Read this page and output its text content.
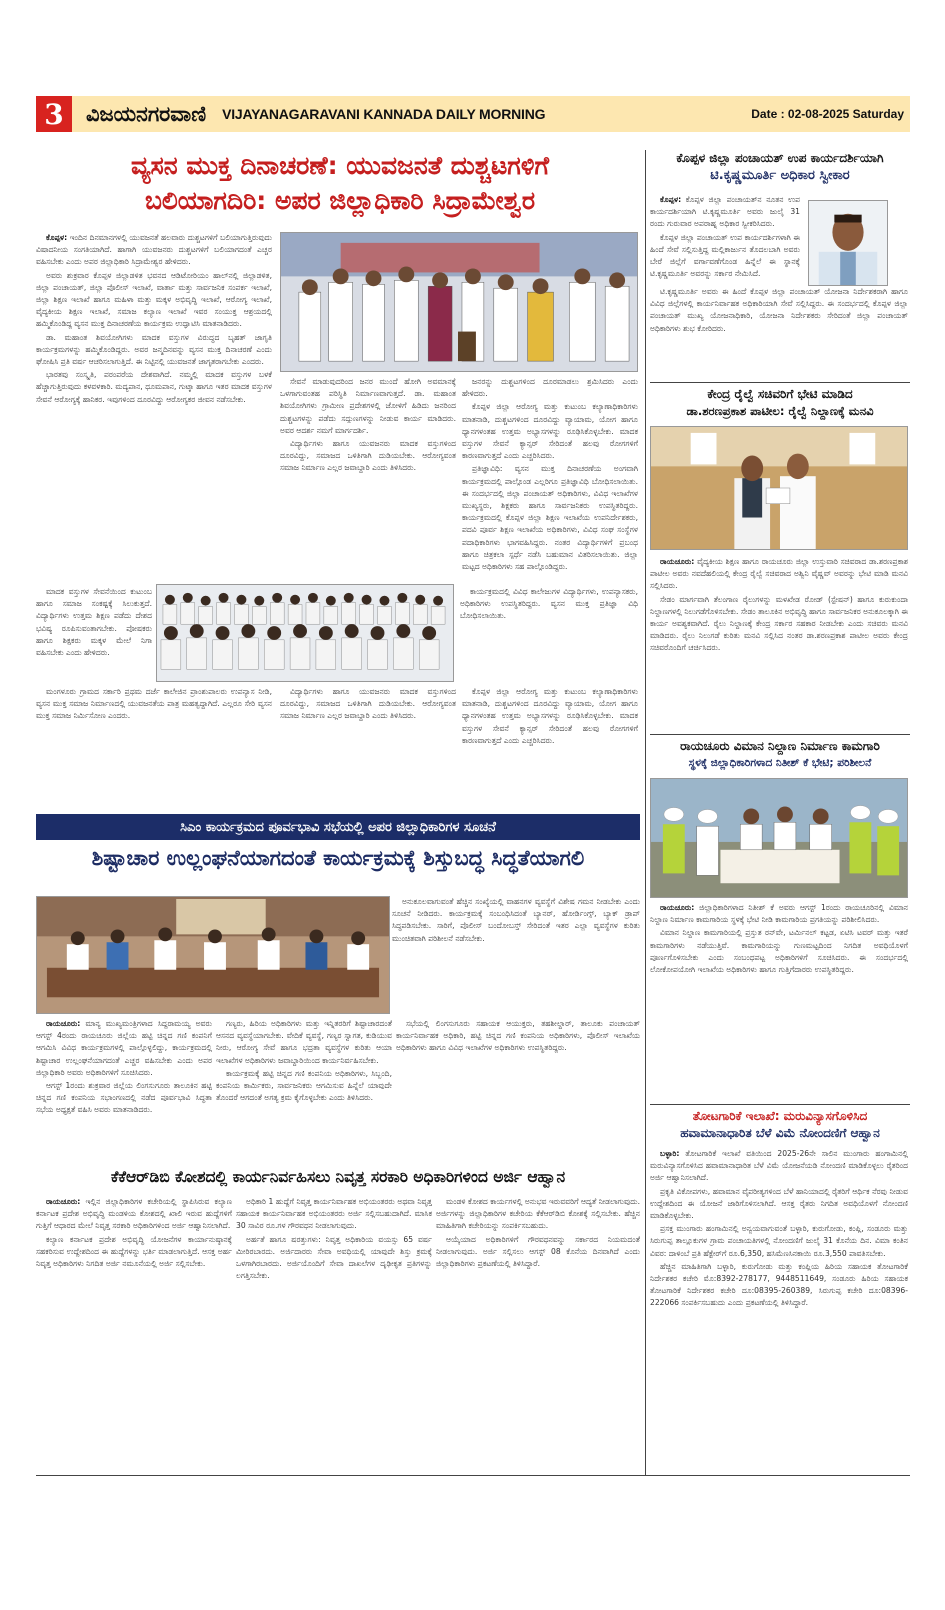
3	ವಿಜಯನಗರವಾಣಿ VIJAYANAGARAVANI KANNADA DAILY MORNING	Date : 02-08-2025 Saturday
ವ್ಯಸನ ಮುಕ್ತ ದಿನಾಚರಣೆ: ಯುವಜನತೆ ದುಶ್ಚಟಗಳಿಗೆ
ಬಲಿಯಾಗದಿರಿ: ಅಪರ ಜಿಲ್ಲಾಧಿಕಾರಿ ಸಿದ್ರಾಮೇಶ್ವರ

ಕೊಪ್ಪಳ: ಇಂದಿನ ದಿನಮಾನಗಳಲ್ಲಿ ಯುವಜನತೆ ಹಲವಾರು ದುಶ್ಚಟಗಳಿಗೆ ಬಲಿಯಾಗುತ್ತಿರುವುದು ವಿಷಾದನೀಯ ಸಂಗತಿಯಾಗಿದೆ. ಹಾಗಾಗಿ ಯುವಜನರು ದುಶ್ಚಟಗಳಿಗೆ ಬಲಿಯಾಗದಂತೆ ಎಚ್ಚರ ವಹಿಸಬೇಕು ಎಂದು ಅಪರ ಜಿಲ್ಲಾಧಿಕಾರಿ ಸಿದ್ರಾಮೇಶ್ವರ ಹೇಳಿದರು.

ಅವರು ಶುಕ್ರವಾರ ಕೊಪ್ಪಳ ಜಿಲ್ಲಾಡಳಿತ ಭವನದ ಆಡಿಟೋರಿಯಂ ಹಾಲ್‌ನಲ್ಲಿ ಜಿಲ್ಲಾಡಳಿತ, ಜಿಲ್ಲಾ ಪಂಚಾಯತ್, ಜಿಲ್ಲಾ ಪೊಲೀಸ್ ಇಲಾಖೆ, ವಾರ್ತಾ ಮತ್ತು ಸಾರ್ವಜನಿಕ ಸಂಪರ್ಕ ಇಲಾಖೆ, ಜಿಲ್ಲಾ ಶಿಕ್ಷಣ ಇಲಾಖೆ ಹಾಗೂ ಮಹಿಳಾ ಮತ್ತು ಮಕ್ಕಳ ಅಭಿವೃದ್ಧಿ ಇಲಾಖೆ, ಆರೋಗ್ಯ ಇಲಾಖೆ, ವೈದ್ಯಕೀಯ ಶಿಕ್ಷಣ ಇಲಾಖೆ, ಸಮಾಜ ಕಲ್ಯಾಣ ಇಲಾಖೆ ಇವರ ಸಂಯುಕ್ತ ಆಶ್ರಯದಲ್ಲಿ ಹಮ್ಮಿಕೊಂಡಿದ್ದ ವ್ಯಸನ ಮುಕ್ತ ದಿನಾಚರಣೆಯ ಕಾರ್ಯಕ್ರಮ ಉದ್ಘಾಟಿಸಿ ಮಾತನಾಡಿದರು.

ಡಾ. ಮಹಾಂತ ಶಿವಯೋಗಿಗಳು ಮಾದಕ ವಸ್ತುಗಳ ವಿರುದ್ಧದ ಬೃಹತ್ ಜಾಗೃತಿ ಕಾರ್ಯಕ್ರಮಗಳನ್ನು ಹಮ್ಮಿಕೊಂಡಿದ್ದರು. ಅವರ ಜನ್ಮದಿನವನ್ನು ವ್ಯಸನ ಮುಕ್ತ ದಿನಾಚರಣೆ ಎಂದು ಘೋಷಿಸಿ ಪ್ರತಿ ವರ್ಷ ಆಚರಿಸಲಾಗುತ್ತಿದೆ. ಈ ನಿಟ್ಟಿನಲ್ಲಿ ಯುವಜನತೆ ಜಾಗೃತರಾಗಬೇಕು ಎಂದರು.

ಭಾರತವು ಸಂಸ್ಕೃತಿ, ಪರಂಪರೆಯ ದೇಶವಾಗಿದೆ. ನಮ್ಮಲ್ಲಿ ಮಾದಕ ವಸ್ತುಗಳ ಬಳಕೆ ಹೆಚ್ಚಾಗುತ್ತಿರುವುದು ಕಳವಳಕಾರಿ. ಮದ್ಯಪಾನ, ಧೂಮಪಾನ, ಗುಟ್ಕಾ ಹಾಗೂ ಇತರ ಮಾದಕ ವಸ್ತುಗಳ ಸೇವನೆ ಆರೋಗ್ಯಕ್ಕೆ ಹಾನಿಕರ. ಇವುಗಳಿಂದ ದೂರವಿದ್ದು ಆರೋಗ್ಯಕರ ಜೀವನ ನಡೆಸಬೇಕು.

ಸೇವನೆ ಮಾಡುವುದರಿಂದ ಜನರ ಮುಂದೆ ಹೋಗಿ ಅವಮಾನಕ್ಕೆ ಒಳಗಾಗುವಂತಹ ಪರಿಸ್ಥಿತಿ ನಿರ್ಮಾಣವಾಗುತ್ತದೆ. ಡಾ. ಮಹಾಂತ ಶಿವಯೋಗಿಗಳು ಗ್ರಾಮೀಣ ಪ್ರದೇಶಗಳಲ್ಲಿ ಜೋಳಿಗೆ ಹಿಡಿದು ಜನರಿಂದ ದುಶ್ಚಟಗಳನ್ನು ಪಡೆದು ಸದ್ಗುಣಗಳನ್ನು ನೀಡುವ ಕಾರ್ಯ ಮಾಡಿದರು. ಅವರ ಆದರ್ಶ ನಮಗೆ ಮಾರ್ಗದರ್ಶಿ.

ವಿದ್ಯಾರ್ಥಿಗಳು ಹಾಗೂ ಯುವಜನರು ಮಾದಕ ವಸ್ತುಗಳಿಂದ ದೂರವಿದ್ದು, ಸಮಾಜದ ಒಳಿತಿಗಾಗಿ ದುಡಿಯಬೇಕು. ಆರೋಗ್ಯವಂತ ಸಮಾಜ ನಿರ್ಮಾಣ ಎಲ್ಲರ ಜವಾಬ್ದಾರಿ ಎಂದು ತಿಳಿಸಿದರು.

ಜನರನ್ನು ದುಶ್ಚಟಗಳಿಂದ ದೂರಮಾಡಲು ಶ್ರಮಿಸಿದರು ಎಂದು ಹೇಳಿದರು.

ಕೊಪ್ಪಳ ಜಿಲ್ಲಾ ಆರೋಗ್ಯ ಮತ್ತು ಕುಟುಂಬ ಕಲ್ಯಾಣಾಧಿಕಾರಿಗಳು ಮಾತನಾಡಿ, ದುಶ್ಚಟಗಳಿಂದ ದೂರವಿದ್ದು ವ್ಯಾಯಾಮ, ಯೋಗ ಹಾಗೂ ಧ್ಯಾನಗಳಂತಹ ಉತ್ತಮ ಅಭ್ಯಾಸಗಳನ್ನು ರೂಢಿಸಿಕೊಳ್ಳಬೇಕು. ಮಾದಕ ವಸ್ತುಗಳ ಸೇವನೆ ಕ್ಯಾನ್ಸರ್ ಸೇರಿದಂತೆ ಹಲವು ರೋಗಗಳಿಗೆ ಕಾರಣವಾಗುತ್ತದೆ ಎಂದು ಎಚ್ಚರಿಸಿದರು.

ಪ್ರತಿಜ್ಞಾವಿಧಿ: ವ್ಯಸನ ಮುಕ್ತ ದಿನಾಚರಣೆಯ ಅಂಗವಾಗಿ ಕಾರ್ಯಕ್ರಮದಲ್ಲಿ ಪಾಲ್ಗೊಂಡ ಎಲ್ಲರಿಗೂ ಪ್ರತಿಜ್ಞಾವಿಧಿ ಬೋಧಿಸಲಾಯಿತು. ಈ ಸಂದರ್ಭದಲ್ಲಿ ಜಿಲ್ಲಾ ಪಂಚಾಯತ್ ಅಧಿಕಾರಿಗಳು, ವಿವಿಧ ಇಲಾಖೆಗಳ ಮುಖ್ಯಸ್ಥರು, ಶಿಕ್ಷಕರು ಹಾಗೂ ಸಾರ್ವಜನಿಕರು ಉಪಸ್ಥಿತರಿದ್ದರು. ಕಾರ್ಯಕ್ರಮದಲ್ಲಿ ಕೊಪ್ಪಳ ಜಿಲ್ಲಾ ಶಿಕ್ಷಣ ಇಲಾಖೆಯ ಉಪನಿರ್ದೇಶಕರು, ಪದವಿ ಪೂರ್ವ ಶಿಕ್ಷಣ ಇಲಾಖೆಯ ಅಧಿಕಾರಿಗಳು, ವಿವಿಧ ಸಂಘ ಸಂಸ್ಥೆಗಳ ಪದಾಧಿಕಾರಿಗಳು ಭಾಗವಹಿಸಿದ್ದರು. ನಂತರ ವಿದ್ಯಾರ್ಥಿಗಳಿಗೆ ಪ್ರಬಂಧ ಹಾಗೂ ಚಿತ್ರಕಲಾ ಸ್ಪರ್ಧೆ ನಡೆಸಿ ಬಹುಮಾನ ವಿತರಿಸಲಾಯಿತು. ಜಿಲ್ಲಾ ಮಟ್ಟದ ಅಧಿಕಾರಿಗಳು ಸಹ ಪಾಲ್ಗೊಂಡಿದ್ದರು.

ಮಾದಕ ವಸ್ತುಗಳ ಸೇವನೆಯಿಂದ ಕುಟುಂಬ ಹಾಗೂ ಸಮಾಜ ಸಂಕಷ್ಟಕ್ಕೆ ಸಿಲುಕುತ್ತದೆ. ವಿದ್ಯಾರ್ಥಿಗಳು ಉತ್ತಮ ಶಿಕ್ಷಣ ಪಡೆದು ದೇಶದ ಭವಿಷ್ಯ ರೂಪಿಸುವಂತಾಗಬೇಕು. ಪೋಷಕರು ಹಾಗೂ ಶಿಕ್ಷಕರು ಮಕ್ಕಳ ಮೇಲೆ ನಿಗಾ ವಹಿಸಬೇಕು ಎಂದು ಹೇಳಿದರು.

ಕಾರ್ಯಕ್ರಮದಲ್ಲಿ ವಿವಿಧ ಕಾಲೇಜುಗಳ ವಿದ್ಯಾರ್ಥಿಗಳು, ಉಪನ್ಯಾಸಕರು, ಅಧಿಕಾರಿಗಳು ಉಪಸ್ಥಿತರಿದ್ದರು. ವ್ಯಸನ ಮುಕ್ತ ಪ್ರತಿಜ್ಞಾ ವಿಧಿ ಬೋಧಿಸಲಾಯಿತು.

ಮಂಗಳೂರು ಗ್ರಾಮದ ಸರ್ಕಾರಿ ಪ್ರಥಮ ದರ್ಜೆ ಕಾಲೇಜಿನ ಪ್ರಾಂಶುಪಾಲರು ಉಪನ್ಯಾಸ ನೀಡಿ, ವ್ಯಸನ ಮುಕ್ತ ಸಮಾಜ ನಿರ್ಮಾಣದಲ್ಲಿ ಯುವಜನತೆಯ ಪಾತ್ರ ಮಹತ್ವದ್ದಾಗಿದೆ. ಎಲ್ಲರೂ ಸೇರಿ ವ್ಯಸನ ಮುಕ್ತ ಸಮಾಜ ನಿರ್ಮಿಸೋಣ ಎಂದರು.

ವಿದ್ಯಾರ್ಥಿಗಳು ಹಾಗೂ ಯುವಜನರು ಮಾದಕ ವಸ್ತುಗಳಿಂದ ದೂರವಿದ್ದು, ಸಮಾಜದ ಒಳಿತಿಗಾಗಿ ದುಡಿಯಬೇಕು. ಆರೋಗ್ಯವಂತ ಸಮಾಜ ನಿರ್ಮಾಣ ಎಲ್ಲರ ಜವಾಬ್ದಾರಿ ಎಂದು ತಿಳಿಸಿದರು.

ಕೊಪ್ಪಳ ಜಿಲ್ಲಾ ಆರೋಗ್ಯ ಮತ್ತು ಕುಟುಂಬ ಕಲ್ಯಾಣಾಧಿಕಾರಿಗಳು ಮಾತನಾಡಿ, ದುಶ್ಚಟಗಳಿಂದ ದೂರವಿದ್ದು ವ್ಯಾಯಾಮ, ಯೋಗ ಹಾಗೂ ಧ್ಯಾನಗಳಂತಹ ಉತ್ತಮ ಅಭ್ಯಾಸಗಳನ್ನು ರೂಢಿಸಿಕೊಳ್ಳಬೇಕು. ಮಾದಕ ವಸ್ತುಗಳ ಸೇವನೆ ಕ್ಯಾನ್ಸರ್ ಸೇರಿದಂತೆ ಹಲವು ರೋಗಗಳಿಗೆ ಕಾರಣವಾಗುತ್ತದೆ ಎಂದು ಎಚ್ಚರಿಸಿದರು.

ಸಿಎಂ ಕಾರ್ಯಕ್ರಮದ ಪೂರ್ವಭಾವಿ ಸಭೆಯಲ್ಲಿ ಅಪರ ಜಿಲ್ಲಾಧಿಕಾರಿಗಳ ಸೂಚನೆ
ಶಿಷ್ಟಾಚಾರ ಉಲ್ಲಂಘನೆಯಾಗದಂತೆ ಕಾರ್ಯಕ್ರಮಕ್ಕೆ ಶಿಸ್ತುಬದ್ಧ ಸಿದ್ಧತೆಯಾಗಲಿ

ಅನುಕೂಲವಾಗುವಂತೆ ಹೆಚ್ಚಿನ ಸಂಖ್ಯೆಯಲ್ಲಿ ವಾಹನಗಳ ವ್ಯವಸ್ಥೆಗೆ ವಿಶೇಷ ಗಮನ ನೀಡಬೇಕು ಎಂದು ಸೂಚನೆ ನೀಡಿದರು. ಕಾರ್ಯಕ್ರಮಕ್ಕೆ ಸಂಬಂಧಿಸಿದಂತೆ ಬ್ಯಾನರ್, ಹೋರ್ಡಿಂಗ್ಸ್, ಬ್ಯಾಕ್ ಡ್ರಾಪ್ ಸಿದ್ಧಪಡಿಸಬೇಕು. ಸಾರಿಗೆ, ಪೊಲೀಸ್ ಬಂದೋಬಸ್ತ್ ಸೇರಿದಂತೆ ಇತರ ಎಲ್ಲಾ ವ್ಯವಸ್ಥೆಗಳ ಕುರಿತು ಮುಂಚಿತವಾಗಿ ಪರಿಶೀಲನೆ ನಡೆಸಬೇಕು.

ರಾಯಚೂರು: ಮಾನ್ಯ ಮುಖ್ಯಮಂತ್ರಿಗಳಾದ ಸಿದ್ದರಾಮಯ್ಯ ಅವರು ಆಗಸ್ಟ್ 4ರಂದು ರಾಯಚೂರು ಜಿಲ್ಲೆಯ ಹಟ್ಟಿ ಚಿನ್ನದ ಗಣಿ ಕಂಪನಿಗೆ ಆಗಮಿಸಿ ವಿವಿಧ ಕಾರ್ಯಕ್ರಮಗಳಲ್ಲಿ ಪಾಲ್ಗೊಳ್ಳಲಿದ್ದು, ಕಾರ್ಯಕ್ರಮದಲ್ಲಿ ಶಿಷ್ಟಾಚಾರ ಉಲ್ಲಂಘನೆಯಾಗದಂತೆ ಎಚ್ಚರ ವಹಿಸಬೇಕು ಎಂದು ಅಪರ ಜಿಲ್ಲಾಧಿಕಾರಿ ಅವರು ಅಧಿಕಾರಿಗಳಿಗೆ ಸೂಚಿಸಿದರು.

ಆಗಸ್ಟ್ 1ರಂದು ಶುಕ್ರವಾರ ಜಿಲ್ಲೆಯ ಲಿಂಗಸುಗೂರು ತಾಲೂಕಿನ ಹಟ್ಟಿ ಚಿನ್ನದ ಗಣಿ ಕಂಪನಿಯ ಸಭಾಂಗಣದಲ್ಲಿ ನಡೆದ ಪೂರ್ವಭಾವಿ ಸಿದ್ಧತಾ ಸಭೆಯ ಅಧ್ಯಕ್ಷತೆ ವಹಿಸಿ ಅವರು ಮಾತನಾಡಿದರು.

ಗಣ್ಯರು, ಹಿರಿಯ ಅಧಿಕಾರಿಗಳು ಮತ್ತು ಇನ್ನಿತರರಿಗೆ ಶಿಷ್ಟಾಚಾರದಂತೆ ಆಸನದ ವ್ಯವಸ್ಥೆಯಾಗಬೇಕು. ವೇದಿಕೆ ವ್ಯವಸ್ಥೆ, ಗಣ್ಯರ ಸ್ವಾಗತ, ಕುಡಿಯುವ ನೀರು, ಆರೋಗ್ಯ ಸೇವೆ ಹಾಗೂ ಭದ್ರತಾ ವ್ಯವಸ್ಥೆಗಳ ಕುರಿತು ಆಯಾ ಇಲಾಖೆಗಳ ಅಧಿಕಾರಿಗಳು ಜವಾಬ್ದಾರಿಯಿಂದ ಕಾರ್ಯನಿರ್ವಹಿಸಬೇಕು.

ಕಾರ್ಯಕ್ರಮಕ್ಕೆ ಹಟ್ಟಿ ಚಿನ್ನದ ಗಣಿ ಕಂಪನಿಯ ಅಧಿಕಾರಿಗಳು, ಸಿಬ್ಬಂದಿ, ಕಂಪನಿಯ ಕಾರ್ಮಿಕರು, ಸಾರ್ವಜನಿಕರು ಆಗಮಿಸುವ ಹಿನ್ನೆಲೆ ಯಾವುದೇ ತೊಂದರೆ ಆಗದಂತೆ ಅಗತ್ಯ ಕ್ರಮ ಕೈಗೊಳ್ಳಬೇಕು ಎಂದು ತಿಳಿಸಿದರು.

ಸಭೆಯಲ್ಲಿ ಲಿಂಗಸುಗೂರು ಸಹಾಯಕ ಆಯುಕ್ತರು, ತಹಶೀಲ್ದಾರ್, ತಾಲೂಕು ಪಂಚಾಯತ್ ಕಾರ್ಯನಿರ್ವಾಹಕ ಅಧಿಕಾರಿ, ಹಟ್ಟಿ ಚಿನ್ನದ ಗಣಿ ಕಂಪನಿಯ ಅಧಿಕಾರಿಗಳು, ಪೊಲೀಸ್ ಇಲಾಖೆಯ ಅಧಿಕಾರಿಗಳು ಹಾಗೂ ವಿವಿಧ ಇಲಾಖೆಗಳ ಅಧಿಕಾರಿಗಳು ಉಪಸ್ಥಿತರಿದ್ದರು.

ಕೆಕೆಆರ್‌ಡಿಬಿ ಕೋಶದಲ್ಲಿ ಕಾರ್ಯನಿರ್ವಹಿಸಲು ನಿವೃತ್ತ ಸರಕಾರಿ ಅಧಿಕಾರಿಗಳಿಂದ ಅರ್ಜಿ ಆಹ್ವಾನ

ರಾಯಚೂರು: ಇಲ್ಲಿನ ಜಿಲ್ಲಾಧಿಕಾರಿಗಳ ಕಚೇರಿಯಲ್ಲಿ ಸ್ಥಾಪಿಸಿರುವ ಕಲ್ಯಾಣ ಕರ್ನಾಟಕ ಪ್ರದೇಶ ಅಭಿವೃದ್ಧಿ ಮಂಡಳಿಯ ಕೋಶದಲ್ಲಿ ಖಾಲಿ ಇರುವ ಹುದ್ದೆಗಳಿಗೆ ಗುತ್ತಿಗೆ ಆಧಾರದ ಮೇಲೆ ನಿವೃತ್ತ ಸರಕಾರಿ ಅಧಿಕಾರಿಗಳಿಂದ ಅರ್ಜಿ ಆಹ್ವಾನಿಸಲಾಗಿದೆ.

ಕಲ್ಯಾಣ ಕರ್ನಾಟಕ ಪ್ರದೇಶ ಅಭಿವೃದ್ಧಿ ಯೋಜನೆಗಳ ಕಾರ್ಯಾನುಷ್ಠಾನಕ್ಕೆ ಸಹಕರಿಸುವ ಉದ್ದೇಶದಿಂದ ಈ ಹುದ್ದೆಗಳನ್ನು ಭರ್ತಿ ಮಾಡಲಾಗುತ್ತಿದೆ. ಆಸಕ್ತ ಅರ್ಹ ನಿವೃತ್ತ ಅಧಿಕಾರಿಗಳು ನಿಗದಿತ ಅರ್ಜಿ ನಮೂನೆಯಲ್ಲಿ ಅರ್ಜಿ ಸಲ್ಲಿಸಬೇಕು.

ಅಧಿಕಾರಿ 1 ಹುದ್ದೆಗೆ ನಿವೃತ್ತ ಕಾರ್ಯನಿರ್ವಾಹಕ ಅಭಿಯಂತರರು ಅಥವಾ ನಿವೃತ್ತ ಸಹಾಯಕ ಕಾರ್ಯನಿರ್ವಾಹಕ ಅಭಿಯಂತರರು ಅರ್ಜಿ ಸಲ್ಲಿಸಬಹುದಾಗಿದೆ. ಮಾಸಿಕ 30 ಸಾವಿರ ರೂ.ಗಳ ಗೌರವಧನ ನೀಡಲಾಗುವುದು.

ಅರ್ಹತೆ ಹಾಗೂ ಷರತ್ತುಗಳು: ನಿವೃತ್ತ ಅಧಿಕಾರಿಯ ವಯಸ್ಸು 65 ವರ್ಷ ಮೀರಿರಬಾರದು. ಅರ್ಜಿದಾರರು ಸೇವಾ ಅವಧಿಯಲ್ಲಿ ಯಾವುದೇ ಶಿಸ್ತು ಕ್ರಮಕ್ಕೆ ಒಳಗಾಗಿರಬಾರದು. ಅರ್ಜಿಯೊಂದಿಗೆ ಸೇವಾ ದಾಖಲೆಗಳ ದೃಢೀಕೃತ ಪ್ರತಿಗಳನ್ನು ಲಗತ್ತಿಸಬೇಕು.

ಮಂಡಳಿ ಕೋಶದ ಕಾರ್ಯಗಳಲ್ಲಿ ಅನುಭವ ಇರುವವರಿಗೆ ಆದ್ಯತೆ ನೀಡಲಾಗುವುದು. ಅರ್ಜಿಗಳನ್ನು ಜಿಲ್ಲಾಧಿಕಾರಿಗಳ ಕಚೇರಿಯ ಕೆಕೆಆರ್‌ಡಿಬಿ ಕೋಶಕ್ಕೆ ಸಲ್ಲಿಸಬೇಕು. ಹೆಚ್ಚಿನ ಮಾಹಿತಿಗಾಗಿ ಕಚೇರಿಯನ್ನು ಸಂಪರ್ಕಿಸಬಹುದು.

ಆಯ್ಕೆಯಾದ ಅಧಿಕಾರಿಗಳಿಗೆ ಗೌರವಧನವನ್ನು ಸರ್ಕಾರದ ನಿಯಮದಂತೆ ನೀಡಲಾಗುವುದು. ಅರ್ಜಿ ಸಲ್ಲಿಸಲು ಆಗಸ್ಟ್ 08 ಕೊನೆಯ ದಿನವಾಗಿದೆ ಎಂದು ಜಿಲ್ಲಾಧಿಕಾರಿಗಳು ಪ್ರಕಟಣೆಯಲ್ಲಿ ತಿಳಿಸಿದ್ದಾರೆ.

ಕೊಪ್ಪಳ ಜಿಲ್ಲಾ ಪಂಚಾಯತ್ ಉಪ ಕಾರ್ಯದರ್ಶಿಯಾಗಿ
ಟಿ.ಕೃಷ್ಣಮೂರ್ತಿ ಅಧಿಕಾರ ಸ್ವೀಕಾರ

ಕೊಪ್ಪಳ: ಕೊಪ್ಪಳ ಜಿಲ್ಲಾ ಪಂಚಾಯತ್‌ನ ನೂತನ ಉಪ ಕಾರ್ಯದರ್ಶಿಯಾಗಿ ಟಿ.ಕೃಷ್ಣಮೂರ್ತಿ ಅವರು ಜುಲೈ 31 ರಂದು ಗುರುವಾರ ಅಪರಾಹ್ನ ಅಧಿಕಾರ ಸ್ವೀಕರಿಸಿದರು.

ಕೊಪ್ಪಳ ಜಿಲ್ಲಾ ಪಂಚಾಯತ್ ಉಪ ಕಾರ್ಯದರ್ಶಿಗಳಾಗಿ ಈ ಹಿಂದೆ ಸೇವೆ ಸಲ್ಲಿಸುತ್ತಿದ್ದ ಮಲ್ಲಿಕಾರ್ಜುನ ತೊದಲಬಾಗಿ ಅವರು ಬೇರೆ ಜಿಲ್ಲೆಗೆ ವರ್ಗಾವಣೆಗೊಂಡ ಹಿನ್ನೆಲೆ ಈ ಸ್ಥಾನಕ್ಕೆ ಟಿ.ಕೃಷ್ಣಮೂರ್ತಿ ಅವರನ್ನು ಸರ್ಕಾರ ನೇಮಿಸಿದೆ.

ಟಿ.ಕೃಷ್ಣಮೂರ್ತಿ ಅವರು ಈ ಹಿಂದೆ ಕೊಪ್ಪಳ ಜಿಲ್ಲಾ ಪಂಚಾಯತ್ ಯೋಜನಾ ನಿರ್ದೇಶಕರಾಗಿ ಹಾಗೂ ವಿವಿಧ ಜಿಲ್ಲೆಗಳಲ್ಲಿ ಕಾರ್ಯನಿರ್ವಾಹಕ ಅಧಿಕಾರಿಯಾಗಿ ಸೇವೆ ಸಲ್ಲಿಸಿದ್ದರು. ಈ ಸಂದರ್ಭದಲ್ಲಿ ಕೊಪ್ಪಳ ಜಿಲ್ಲಾ ಪಂಚಾಯತ್ ಮುಖ್ಯ ಯೋಜನಾಧಿಕಾರಿ, ಯೋಜನಾ ನಿರ್ದೇಶಕರು ಸೇರಿದಂತೆ ಜಿಲ್ಲಾ ಪಂಚಾಯತ್ ಅಧಿಕಾರಿಗಳು ಶುಭ ಕೋರಿದರು.

ಕೇಂದ್ರ ರೈಲ್ವೆ ಸಚಿವರಿಗೆ ಭೇಟಿ ಮಾಡಿದ
ಡಾ.ಶರಣಪ್ರಕಾಶ ಪಾಟೀಲ: ರೈಲ್ವೆ ನಿಲ್ದಾಣಕ್ಕೆ ಮನವಿ

ರಾಯಚೂರು: ವೈದ್ಯಕೀಯ ಶಿಕ್ಷಣ ಹಾಗೂ ರಾಯಚೂರು ಜಿಲ್ಲಾ ಉಸ್ತುವಾರಿ ಸಚಿವರಾದ ಡಾ.ಶರಣಪ್ರಕಾಶ ಪಾಟೀಲ ಅವರು ನವದೆಹಲಿಯಲ್ಲಿ ಕೇಂದ್ರ ರೈಲ್ವೆ ಸಚಿವರಾದ ಅಶ್ವಿನಿ ವೈಷ್ಣವ್ ಅವರನ್ನು ಭೇಟಿ ಮಾಡಿ ಮನವಿ ಸಲ್ಲಿಸಿದರು.

ಸೇಡಂ ಮಾರ್ಗವಾಗಿ ತೆಲಂಗಾಣ ರೈಲುಗಳನ್ನು ಮಳಖೇಡ ರೋಡ್ (ಸ್ಟೇಷನ್) ಹಾಗೂ ಕುರುಕುಂದಾ ನಿಲ್ದಾಣಗಳಲ್ಲಿ ನಿಲುಗಡೆಗೊಳಿಸಬೇಕು. ಸೇಡಂ ತಾಲೂಕಿನ ಅಭಿವೃದ್ಧಿ ಹಾಗೂ ಸಾರ್ವಜನಿಕರ ಅನುಕೂಲಕ್ಕಾಗಿ ಈ ಕಾರ್ಯ ಅವಶ್ಯಕವಾಗಿದೆ. ರೈಲು ನಿಲ್ದಾಣಕ್ಕೆ ಕೇಂದ್ರ ಸರ್ಕಾರ ಸಹಕಾರ ನೀಡಬೇಕು ಎಂದು ಸಚಿವರು ಮನವಿ ಮಾಡಿದರು. ರೈಲು ನಿಲುಗಡೆ ಕುರಿತು ಮನವಿ ಸಲ್ಲಿಸಿದ ನಂತರ ಡಾ.ಶರಣಪ್ರಕಾಶ ಪಾಟೀಲ ಅವರು ಕೇಂದ್ರ ಸಚಿವರೊಂದಿಗೆ ಚರ್ಚಿಸಿದರು.

ರಾಯಚೂರು ವಿಮಾನ ನಿಲ್ದಾಣ ನಿರ್ಮಾಣ ಕಾಮಗಾರಿ
ಸ್ಥಳಕ್ಕೆ ಜಿಲ್ಲಾಧಿಕಾರಿಗಳಾದ ನಿತೀಶ್ ಕೆ ಭೇಟಿ; ಪರಿಶೀಲನೆ

ರಾಯಚೂರು: ಜಿಲ್ಲಾಧಿಕಾರಿಗಳಾದ ನಿತೀಶ್ ಕೆ ಅವರು ಆಗಸ್ಟ್ 1ರಂದು ರಾಯಚೂರಿನಲ್ಲಿ ವಿಮಾನ ನಿಲ್ದಾಣ ನಿರ್ಮಾಣ ಕಾಮಗಾರಿಯ ಸ್ಥಳಕ್ಕೆ ಭೇಟಿ ನೀಡಿ ಕಾಮಗಾರಿಯ ಪ್ರಗತಿಯನ್ನು ಪರಿಶೀಲಿಸಿದರು.

ವಿಮಾನ ನಿಲ್ದಾಣ ಕಾಮಗಾರಿಯಲ್ಲಿ ಪ್ರಸ್ತುತ ರನ್‌ವೇ, ಟರ್ಮಿನಲ್ ಕಟ್ಟಡ, ಏಟಿಸಿ ಟವರ್ ಮತ್ತು ಇತರೆ ಕಾಮಗಾರಿಗಳು ನಡೆಯುತ್ತಿವೆ. ಕಾಮಗಾರಿಯನ್ನು ಗುಣಮಟ್ಟದಿಂದ ನಿಗದಿತ ಅವಧಿಯೊಳಗೆ ಪೂರ್ಣಗೊಳಿಸಬೇಕು ಎಂದು ಸಂಬಂಧಪಟ್ಟ ಅಧಿಕಾರಿಗಳಿಗೆ ಸೂಚಿಸಿದರು. ಈ ಸಂದರ್ಭದಲ್ಲಿ ಲೋಕೋಪಯೋಗಿ ಇಲಾಖೆಯ ಅಧಿಕಾರಿಗಳು ಹಾಗೂ ಗುತ್ತಿಗೆದಾರರು ಉಪಸ್ಥಿತರಿದ್ದರು.

ತೋಟಗಾರಿಕೆ ಇಲಾಖೆ: ಮರುವಿನ್ಯಾಸಗೊಳಿಸಿದ
ಹವಾಮಾನಾಧಾರಿತ ಬೆಳೆ ವಿಮೆ ನೋಂದಣಿಗೆ ಆಹ್ವಾನ

ಬಳ್ಳಾರಿ: ತೋಟಗಾರಿಕೆ ಇಲಾಖೆ ವತಿಯಿಂದ 2025-26ನೇ ಸಾಲಿನ ಮುಂಗಾರು ಹಂಗಾಮಿನಲ್ಲಿ ಮರುವಿನ್ಯಾಸಗೊಳಿಸಿದ ಹವಾಮಾನಾಧಾರಿತ ಬೆಳೆ ವಿಮೆ ಯೋಜನೆಯಡಿ ನೋಂದಣಿ ಮಾಡಿಕೊಳ್ಳಲು ರೈತರಿಂದ ಅರ್ಜಿ ಆಹ್ವಾನಿಸಲಾಗಿದೆ.

ಪ್ರಕೃತಿ ವಿಕೋಪಗಳು, ಹವಾಮಾನ ವೈಪರೀತ್ಯಗಳಿಂದ ಬೆಳೆ ಹಾನಿಯಾದಲ್ಲಿ ರೈತರಿಗೆ ಆರ್ಥಿಕ ನೆರವು ನೀಡುವ ಉದ್ದೇಶದಿಂದ ಈ ಯೋಜನೆ ಜಾರಿಗೊಳಿಸಲಾಗಿದೆ. ಆಸಕ್ತ ರೈತರು ನಿಗದಿತ ಅವಧಿಯೊಳಗೆ ನೋಂದಣಿ ಮಾಡಿಕೊಳ್ಳಬೇಕು.

ಪ್ರಸಕ್ತ ಮುಂಗಾರು ಹಂಗಾಮಿನಲ್ಲಿ ಅನ್ವಯವಾಗುವಂತೆ ಬಳ್ಳಾರಿ, ಕುರುಗೋಡು, ಕಂಪ್ಲಿ, ಸಂಡೂರು ಮತ್ತು ಸಿರುಗುಪ್ಪ ತಾಲ್ಲೂಕುಗಳ ಗ್ರಾಮ ಪಂಚಾಯತಿಗಳಲ್ಲಿ ನೋಂದಣಿಗೆ ಜುಲೈ 31 ಕೊನೆಯ ದಿನ. ವಿಮಾ ಕಂತಿನ ವಿವರ: ದಾಳಿಂಬೆ ಪ್ರತಿ ಹೆಕ್ಟೇರ್‌ಗೆ ರೂ.6,350, ಹಸಿಮೆಣಸಿನಕಾಯಿ ರೂ.3,550 ಪಾವತಿಸಬೇಕು.

ಹೆಚ್ಚಿನ ಮಾಹಿತಿಗಾಗಿ ಬಳ್ಳಾರಿ, ಕುರುಗೋಡು ಮತ್ತು ಕಂಪ್ಲಿಯ ಹಿರಿಯ ಸಹಾಯಕ ತೋಟಗಾರಿಕೆ ನಿರ್ದೇಶಕರ ಕಚೇರಿ ಮೊ:8392-278177, 9448511649, ಸಂಡೂರು ಹಿರಿಯ ಸಹಾಯಕ ತೋಟಗಾರಿಕೆ ನಿರ್ದೇಶಕರ ಕಚೇರಿ ದೂ:08395-260389, ಸಿರುಗುಪ್ಪ ಕಚೇರಿ ದೂ:08396-222066 ಸಂಪರ್ಕಿಸಬಹುದು ಎಂದು ಪ್ರಕಟಣೆಯಲ್ಲಿ ತಿಳಿಸಿದ್ದಾರೆ.
